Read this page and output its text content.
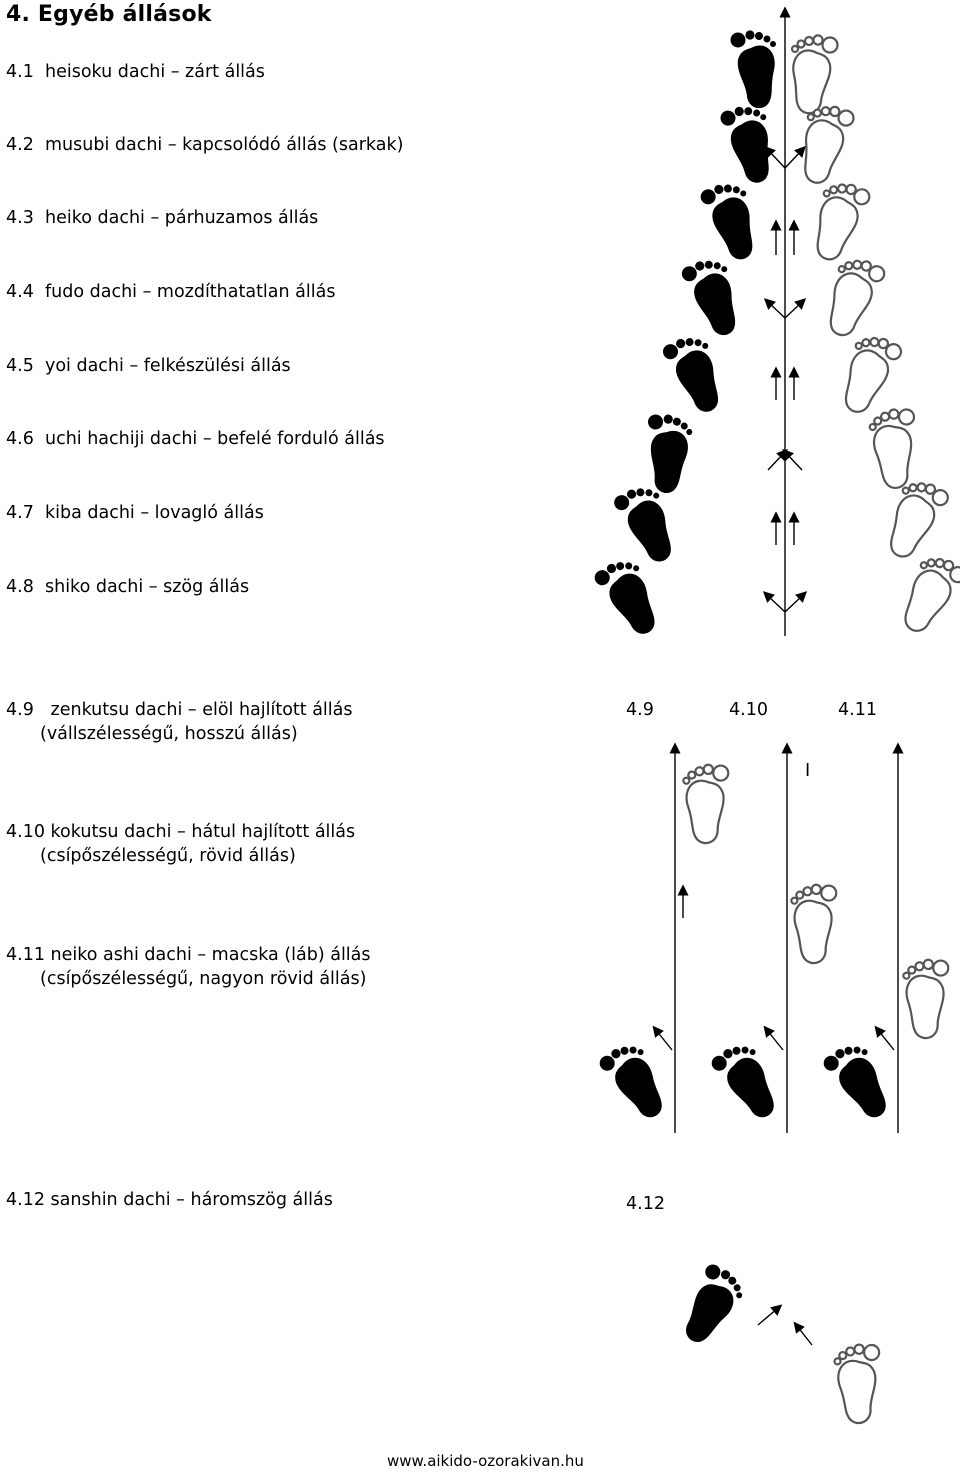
4. Egyéb állások
4.1 heisoku dachi – zárt állás
4.2 musubi dachi – kapcsolódó állás (sarkak)
4.3 heiko dachi – párhuzamos állás
4.4 fudo dachi – mozdíthatatlan állás
4.5 yoi dachi – felkészülési állás
4.6 uchi hachiji dachi – befelé forduló állás
4.7 kiba dachi – lovagló állás
4.8 shiko dachi – szög állás
4.9 zenkutsu dachi – elöl hajlított állás
(vállszélességű, hosszú állás)
4.10 kokutsu dachi – hátul hajlított állás
(csípőszélességű, rövid állás)
4.11 neiko ashi dachi – macska (láb) állás
(csípőszélességű, nagyon rövid állás)
4.12 sanshin dachi – háromszög állás
4.9	4.10	4.11
I
4.12
www.aikido-ozorakivan.hu
